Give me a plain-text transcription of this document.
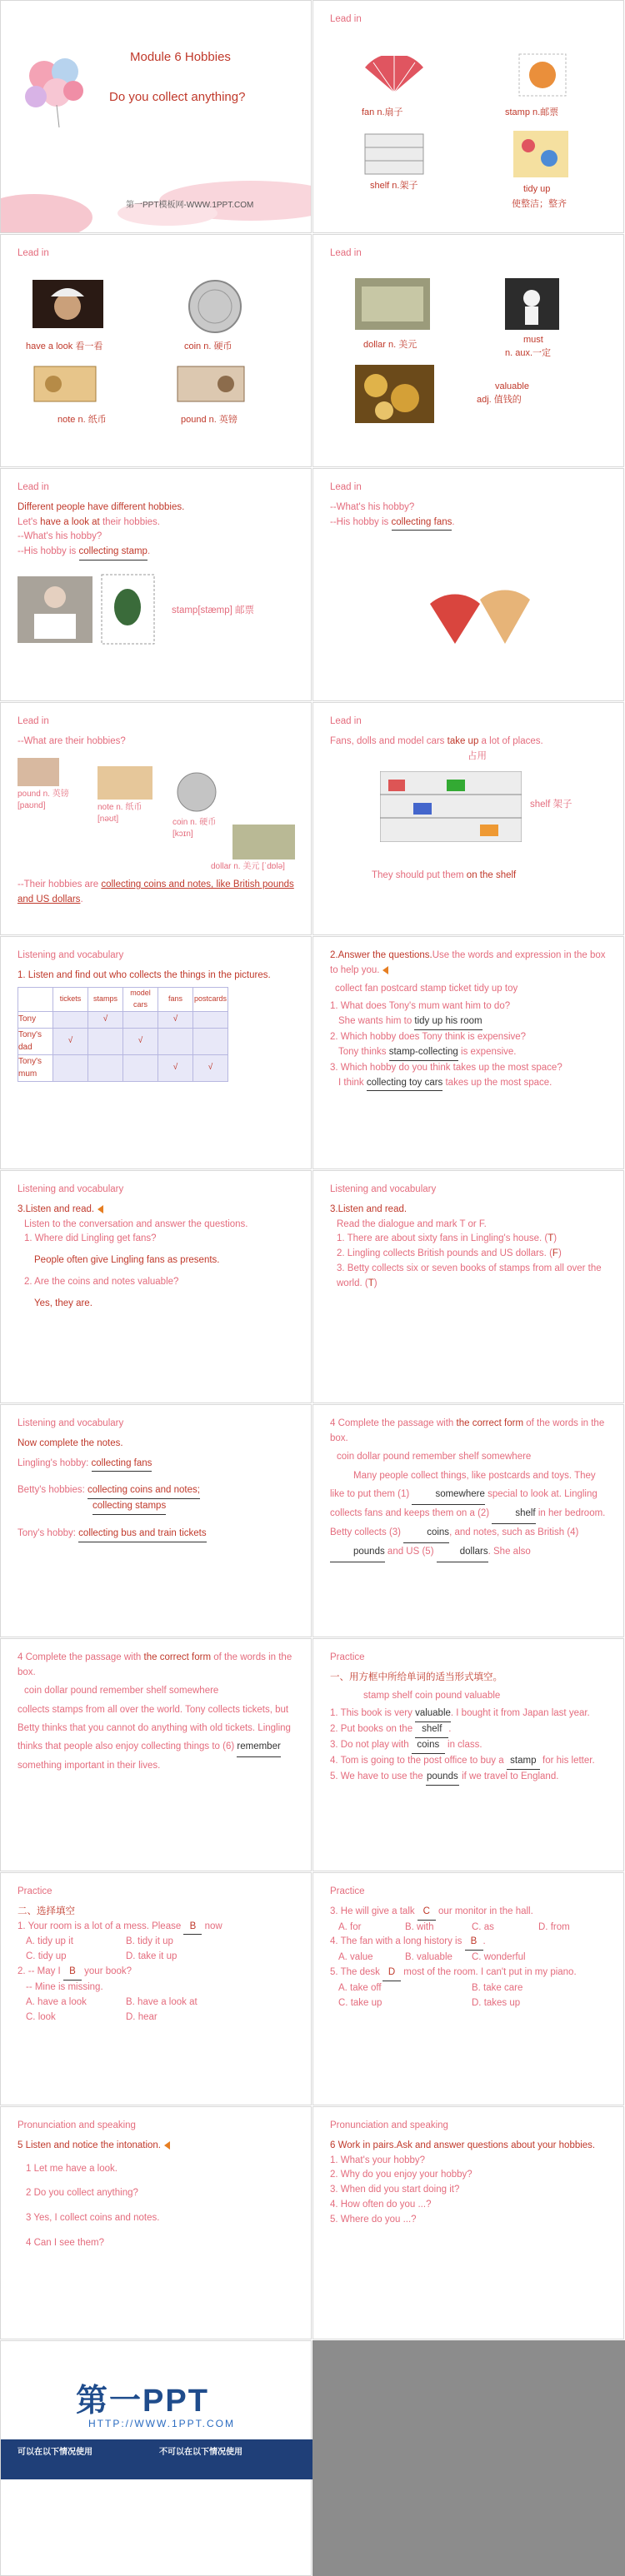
Module 6 Hobbies
Do you collect anything?
第一PPT模板网-WWW.1PPT.COM
Lead in
fan n.扇子	stamp n.邮票
shelf n.架子	tidy up
使整洁；整齐
Lead in
have a look 看一看	coin n. 硬币
note n. 纸币	pound n. 英镑
Lead in
dollar n. 美元	must
n. aux.一定
valuable
adj. 值钱的
Lead in
Different people have different hobbies.
Let's have a look at their hobbies.
--What's his hobby?
--His hobby is collecting stamp.
stamp[stæmp] 邮票
Lead in
--What's his hobby?
--His hobby is collecting fans.
Lead in
--What are their hobbies?
pound n. 英镑
[paʊnd]	note n. 纸币
[nəʊt]	coin n. 硬币
[kɔɪn]
dollar n. 美元 [ˈdɒlə]
--Their hobbies are collecting coins and notes, like British pounds and US dollars.
Lead in
Fans, dolls and model cars take up a lot of places.
占用
shelf 架子
They should put them on the shelf
Listening and vocabulary
1. Listen and find out who collects the things in the pictures.
	tickets	stamps	model cars	fans	postcards
Tony		√		√	
Tony's dad	√		√		
Tony's mum				√	√
2.Answer the questions.Use the words and expression in the box to help you.
collect fan postcard stamp ticket tidy up toy
1. What does Tony's mum want him to do?
She wants him to tidy up his room
2. Which hobby does Tony think is expensive?
Tony thinks stamp-collecting is expensive.
3. Which hobby do you think takes up the most space?
I think collecting toy cars takes up the most space.
Listening and vocabulary
3.Listen and read.
Listen to the conversation and answer the questions.
1. Where did Lingling get fans?
People often give Lingling fans as presents.
2. Are the coins and notes valuable?
Yes, they are.
Listening and vocabulary
3.Listen and read.
Read the dialogue and mark T or F.
1. There are about sixty fans in Lingling's house. (T)
2. Lingling collects British pounds and US dollars. (F)
3. Betty collects six or seven books of stamps from all over the world. (T)
Listening and vocabulary
Now complete the notes.
Lingling's hobby: collecting fans
Betty's hobbies: collecting coins and notes;
collecting stamps
Tony's hobby: collecting bus and train tickets
4 Complete the passage with the correct form of the words in the box.
coin dollar pound remember shelf somewhere
Many people collect things, like postcards and toys. They like to put them (1) somewhere special to look at. Lingling collects fans and keeps them on a (2) shelf in her bedroom. Betty collects (3) coins, and notes, such as British (4) pounds and US (5) dollars. She also
4 Complete the passage with the correct form of the words in the box.
coin dollar pound remember shelf somewhere
collects stamps from all over the world. Tony collects tickets, but Betty thinks that you cannot do anything with old tickets. Lingling thinks that people also enjoy collecting things to (6) remember something important in their lives.
Practice
一、用方框中所给单词的适当形式填空。
stamp shelf coin pound valuable
1. This book is very valuable. I bought it from Japan last year.
2. Put books on the shelf .
3. Do not play with coins in class.
4. Tom is going to the post office to buy a stamp for his letter.
5. We have to use the pounds if we travel to England.
Practice
二、选择填空
1. Your room is a lot of a mess. Please B now
A. tidy up it	B. tidy it up
C. tidy up	D. take it up
2. -- May I B your book?
-- Mine is missing.
A. have a look	B. have a look at
C. look	D. hear
Practice
3. He will give a talk C our monitor in the hall.
A. for	B. with	C. as	D. from
4. The fan with a long history is B .
A. value	B. valuable	C. wonderful
5. The desk D most of the room. I can't put in my piano.
A. take off	B. take care
C. take up	D. takes up
Pronunciation and speaking
5 Listen and notice the intonation.
1 Let me have a look.
2 Do you collect anything?
3 Yes, I collect coins and notes.
4 Can I see them?
Pronunciation and speaking
6 Work in pairs.Ask and answer questions about your hobbies.
1. What's your hobby?
2. Why do you enjoy your hobby?
3. When did you start doing it?
4. How often do you ...?
5. Where do you ...?
第一PPT
HTTP://WWW.1PPT.COM
可以在以下情况使用	不可以在以下情况使用
